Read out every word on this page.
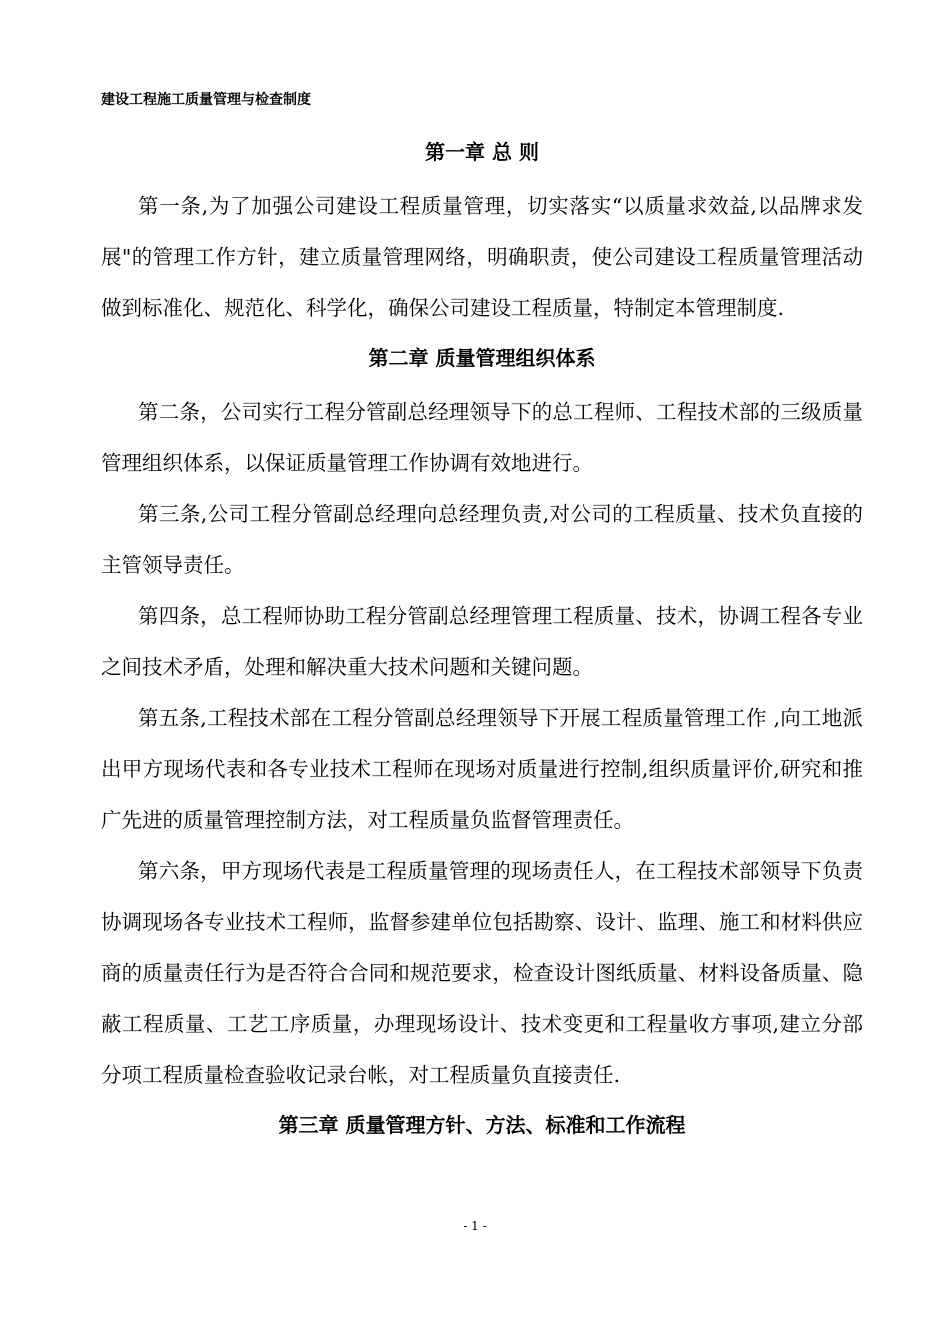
建设工程施工质量管理与检查制度
第一章 总 则

第一条,为了加强公司建设工程质量管理，切实落实“以质量求效益,以品牌求发展"的管理工作方针，建立质量管理网络，明确职责，使公司建设工程质量管理活动做到标准化、规范化、科学化，确保公司建设工程质量，特制定本管理制度.

第二章 质量管理组织体系

第二条，公司实行工程分管副总经理领导下的总工程师、工程技术部的三级质量管理组织体系，以保证质量管理工作协调有效地进行。

第三条,公司工程分管副总经理向总经理负责,对公司的工程质量、技术负直接的主管领导责任。

第四条，总工程师协助工程分管副总经理管理工程质量、技术，协调工程各专业之间技术矛盾，处理和解决重大技术问题和关键问题。

第五条,工程技术部在工程分管副总经理领导下开展工程质量管理工作 ,向工地派出甲方现场代表和各专业技术工程师在现场对质量进行控制,组织质量评价,研究和推广先进的质量管理控制方法，对工程质量负监督管理责任。

第六条，甲方现场代表是工程质量管理的现场责任人，在工程技术部领导下负责协调现场各专业技术工程师，监督参建单位包括勘察、设计、监理、施工和材料供应商的质量责任行为是否符合合同和规范要求，检查设计图纸质量、材料设备质量、隐蔽工程质量、工艺工序质量，办理现场设计、技术变更和工程量收方事项,建立分部分项工程质量检查验收记录台帐，对工程质量负直接责任.

第三章 质量管理方针、方法、标准和工作流程
- 1 -
